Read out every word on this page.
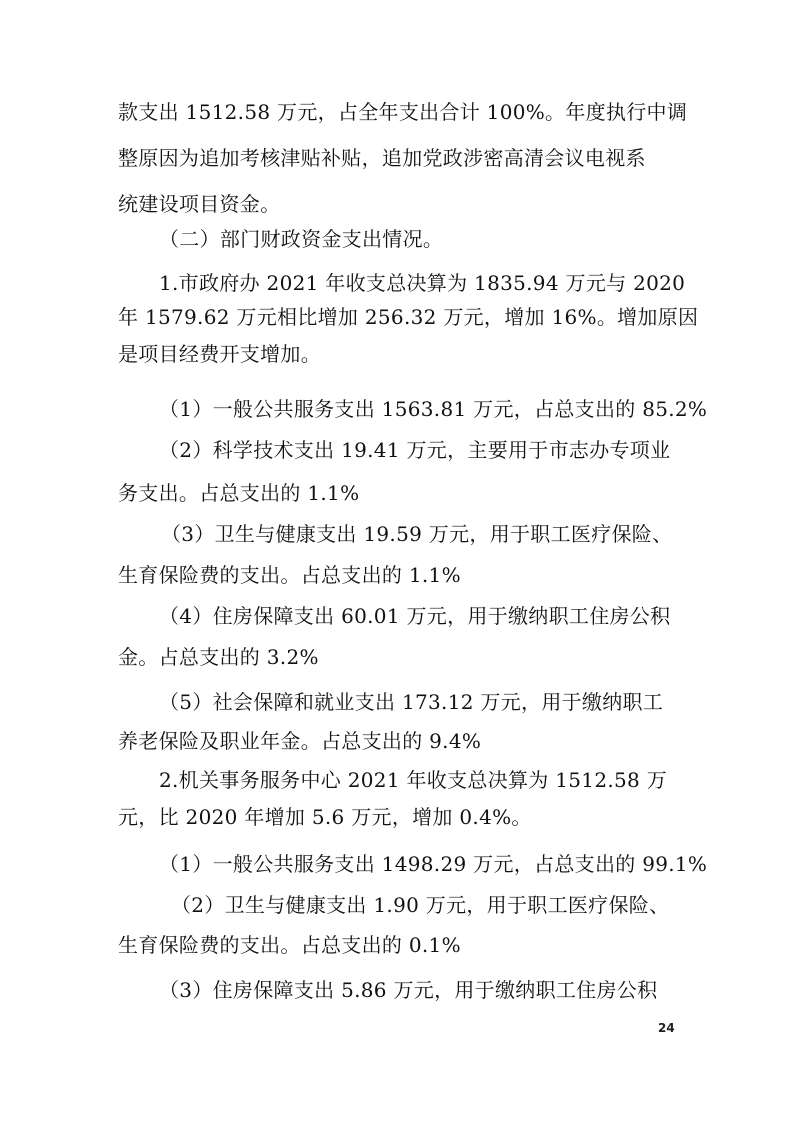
款支出 1512.58 万元，占全年支出合计 100%。年度执行中调
整原因为追加考核津贴补贴，追加党政涉密高清会议电视系
统建设项目资金。
（二）部门财政资金支出情况。
1.市政府办 2021 年收支总决算为 1835.94 万元与 2020
年 1579.62 万元相比增加 256.32 万元，增加 16%。增加原因
是项目经费开支增加。
（1）一般公共服务支出 1563.81 万元，占总支出的 85.2%
（2）科学技术支出 19.41 万元，主要用于市志办专项业
务支出。占总支出的 1.1%
（3）卫生与健康支出 19.59 万元，用于职工医疗保险、
生育保险费的支出。占总支出的 1.1%
（4）住房保障支出 60.01 万元，用于缴纳职工住房公积
金。占总支出的 3.2%
（5）社会保障和就业支出 173.12 万元，用于缴纳职工
养老保险及职业年金。占总支出的 9.4%
2.机关事务服务中心 2021 年收支总决算为 1512.58 万
元，比 2020 年增加 5.6 万元，增加 0.4%。
（1）一般公共服务支出 1498.29 万元，占总支出的 99.1%
（2）卫生与健康支出 1.90 万元，用于职工医疗保险、
生育保险费的支出。占总支出的 0.1%
（3）住房保障支出 5.86 万元，用于缴纳职工住房公积
24
